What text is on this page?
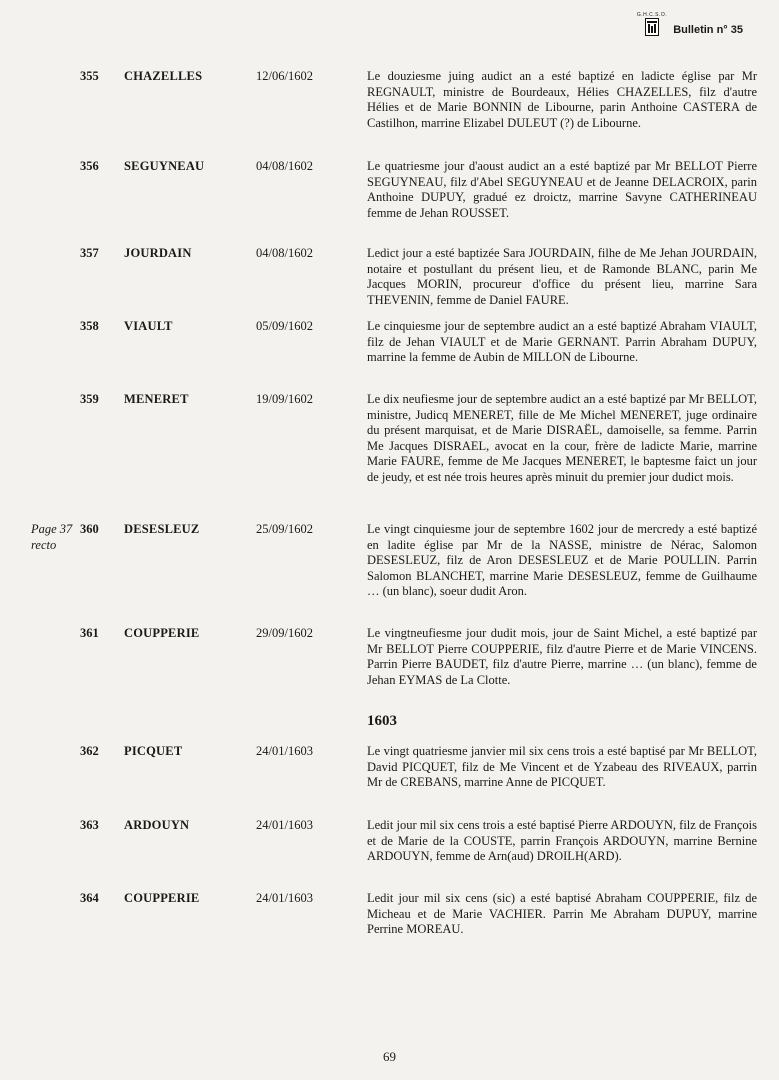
G.H.C.S.O.
Bulletin n° 35
355 CHAZELLES	12/06/1602	Le douziesme juing audict an a esté baptizé en ladicte église par Mr REGNAULT, ministre de Bourdeaux, Hélies CHAZELLES, filz d'autre Hélies et de Marie BONNIN de Libourne, parin Anthoine CASTERA de Castilhon, marrine Elizabel DULEUT (?) de Libourne.
356 SEGUYNEAU	04/08/1602	Le quatriesme jour d'aoust audict an a esté baptizé par Mr BELLOT Pierre SEGUYNEAU, filz d'Abel SEGUYNEAU et de Jeanne DELACROIX, parin Anthoine DUPUY, gradué ez droictz, marrine Savyne CATHERINEAU femme de Jehan ROUSSET.
357 JOURDAIN	04/08/1602	Ledict jour a esté baptizée Sara JOURDAIN, filhe de Me Jehan JOURDAIN, notaire et postullant du présent lieu, et de Ramonde BLANC, parin Me Jacques MORIN, procureur d'office du présent lieu, marrine Sara THEVENIN, femme de Daniel FAURE.
358 VIAULT	05/09/1602	Le cinquiesme jour de septembre audict an a esté baptizé Abraham VIAULT, filz de Jehan VIAULT et de Marie GERNANT. Parrin Abraham DUPUY, marrine la femme de Aubin de MILLON de Libourne.
359 MENERET	19/09/1602	Le dix neufiesme jour de septembre audict an a esté baptizé par Mr BELLOT, ministre, Judicq MENERET, fille de Me Michel MENERET, juge ordinaire du présent marquisat, et de Marie DISRAËL, damoiselle, sa femme. Parrin Me Jacques DISRAEL, avocat en la cour, frère de ladicte Marie, marrine Marie FAURE, femme de Me Jacques MENERET, le baptesme faict un jour de jeudy, et est née trois heures après minuit du premier jour dudict mois.
Page 37 recto
360 DESESLEUZ	25/09/1602	Le vingt cinquiesme jour de septembre 1602 jour de mercredy a esté baptizé en ladite église par Mr de la NASSE, ministre de Nérac, Salomon DESESLEUZ, filz de Aron DESESLEUZ et de Marie POULLIN. Parrin Salomon BLANCHET, marrine Marie DESESLEUZ, femme de Guilhaume … (un blanc), soeur dudit Aron.
361 COUPPERIE	29/09/1602	Le vingtneufiesme jour dudit mois, jour de Saint Michel, a esté baptizé par Mr BELLOT Pierre COUPPERIE, filz d'autre Pierre et de Marie VINCENS. Parrin Pierre BAUDET, filz d'autre Pierre, marrine … (un blanc), femme de Jehan EYMAS de La Clotte.
1603
362 PICQUET	24/01/1603	Le vingt quatriesme janvier mil six cens trois a esté baptisé par Mr BELLOT, David PICQUET, filz de Me Vincent et de Yzabeau des RIVEAUX, parrin Mr de CREBANS, marrine Anne de PICQUET.
363 ARDOUYN	24/01/1603	Ledit jour mil six cens trois a esté baptisé Pierre ARDOUYN, filz de François et de Marie de la COUSTE, parrin François ARDOUYN, marrine Bernine ARDOUYN, femme de Arn(aud) DROILH(ARD).
364 COUPPERIE	24/01/1603	Ledit jour mil six cens (sic) a esté baptisé Abraham COUPPERIE, filz de Micheau et de Marie VACHIER. Parrin Me Abraham DUPUY, marrine Perrine MOREAU.
69
